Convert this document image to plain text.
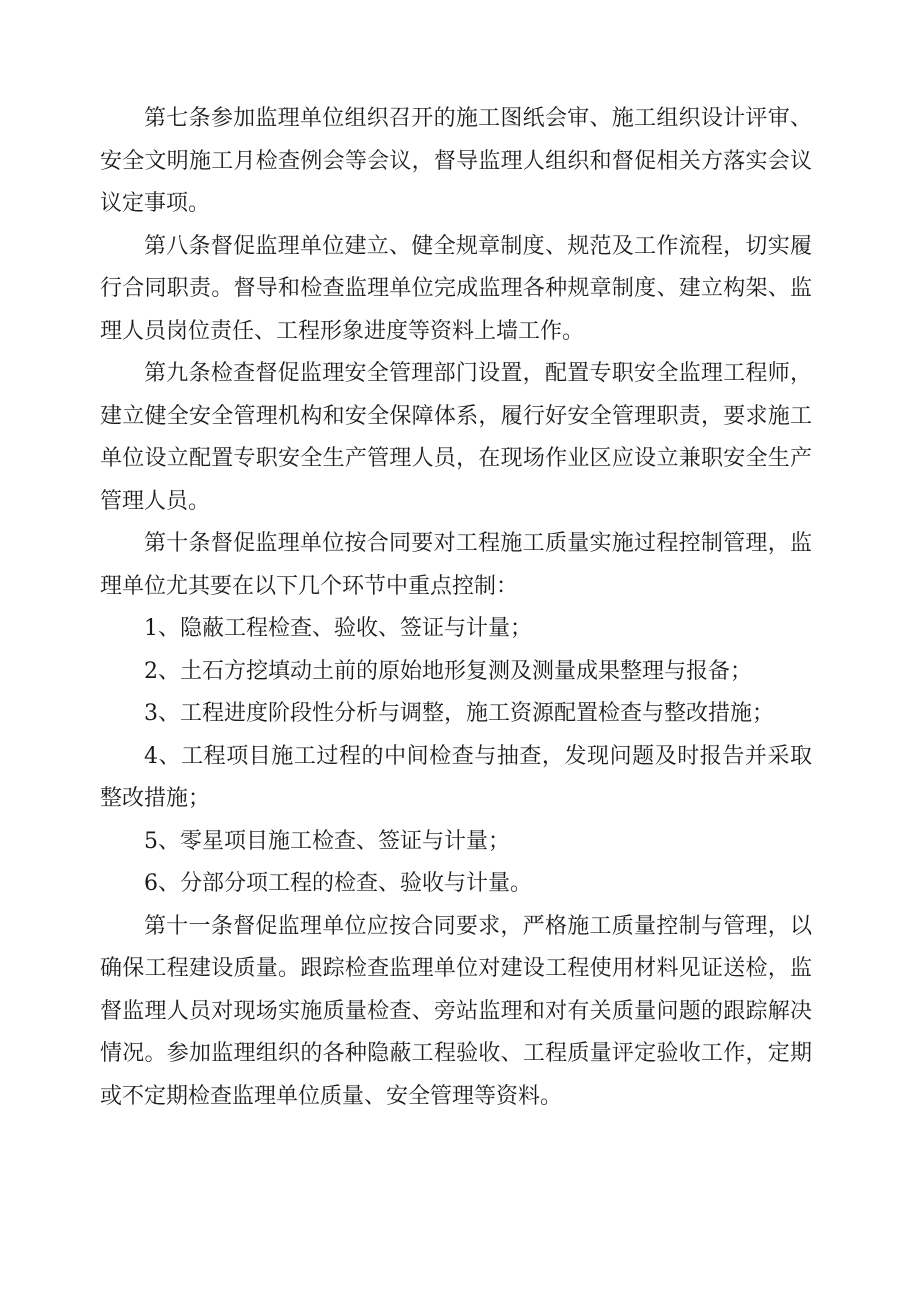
第七条参加监理单位组织召开的施工图纸会审、施工组织设计评审、安全文明施工月检查例会等会议，督导监理人组织和督促相关方落实会议议定事项。

第八条督促监理单位建立、健全规章制度、规范及工作流程，切实履行合同职责。督导和检查监理单位完成监理各种规章制度、建立构架、监理人员岗位责任、工程形象进度等资料上墙工作。

第九条检查督促监理安全管理部门设置，配置专职安全监理工程师，建立健全安全管理机构和安全保障体系，履行好安全管理职责，要求施工单位设立配置专职安全生产管理人员，在现场作业区应设立兼职安全生产管理人员。

第十条督促监理单位按合同要对工程施工质量实施过程控制管理，监理单位尤其要在以下几个环节中重点控制：

1、隐蔽工程检查、验收、签证与计量；

2、土石方挖填动土前的原始地形复测及测量成果整理与报备；

3、工程进度阶段性分析与调整，施工资源配置检查与整改措施；

4、工程项目施工过程的中间检查与抽查，发现问题及时报告并采取整改措施；

5、零星项目施工检查、签证与计量；

6、分部分项工程的检查、验收与计量。

第十一条督促监理单位应按合同要求，严格施工质量控制与管理，以确保工程建设质量。跟踪检查监理单位对建设工程使用材料见证送检，监督监理人员对现场实施质量检查、旁站监理和对有关质量问题的跟踪解决情况。参加监理组织的各种隐蔽工程验收、工程质量评定验收工作，定期或不定期检查监理单位质量、安全管理等资料。
